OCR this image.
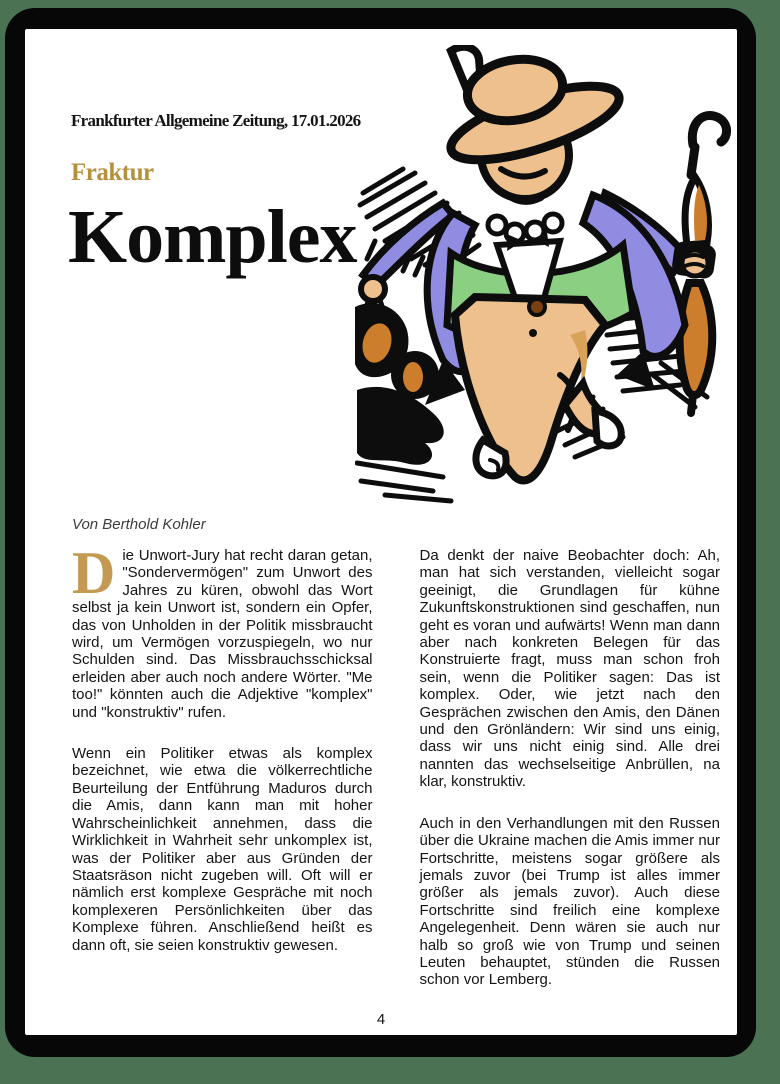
Frankfurter Allgemeine Zeitung, 17.01.2026
Fraktur
Komplex
Von Berthold Kohler

Die Unwort-Jury hat recht daran getan, "Sondervermögen" zum Unwort des Jahres zu küren, obwohl das Wort selbst ja kein Unwort ist, sondern ein Opfer, das von Unholden in der Politik missbraucht wird, um Vermögen vorzuspiegeln, wo nur Schulden sind. Das Missbrauchsschicksal erleiden aber auch noch andere Wörter. "Me too!" könnten auch die Adjektive "komplex" und "konstruktiv" rufen.

Wenn ein Politiker etwas als komplex bezeichnet, wie etwa die völkerrechtliche Beurteilung der Entführung Maduros durch die Amis, dann kann man mit hoher Wahrscheinlichkeit annehmen, dass die Wirklichkeit in Wahrheit sehr unkomplex ist, was der Politiker aber aus Gründen der Staatsräson nicht zugeben will. Oft will er nämlich erst komplexe Gespräche mit noch komplexeren Persönlichkeiten über das Komplexe führen. Anschließend heißt es dann oft, sie seien konstruktiv gewesen.

Da denkt der naive Beobachter doch: Ah, man hat sich verstanden, vielleicht sogar geeinigt, die Grundlagen für kühne Zukunftskonstruktionen sind geschaffen, nun geht es voran und aufwärts! Wenn man dann aber nach konkreten Belegen für das Konstruierte fragt, muss man schon froh sein, wenn die Politiker sagen: Das ist komplex. Oder, wie jetzt nach den Gesprächen zwischen den Amis, den Dänen und den Grönländern: Wir sind uns einig, dass wir uns nicht einig sind. Alle drei nannten das wechselseitige Anbrüllen, na klar, konstruktiv.

Auch in den Verhandlungen mit den Russen über die Ukraine machen die Amis immer nur Fortschritte, meistens sogar größere als jemals zuvor (bei Trump ist alles immer größer als jemals zuvor). Auch diese Fortschritte sind freilich eine komplexe Angelegenheit. Denn wären sie auch nur halb so groß wie von Trump und seinen Leuten behauptet, stünden die Russen schon vor Lemberg.

4
